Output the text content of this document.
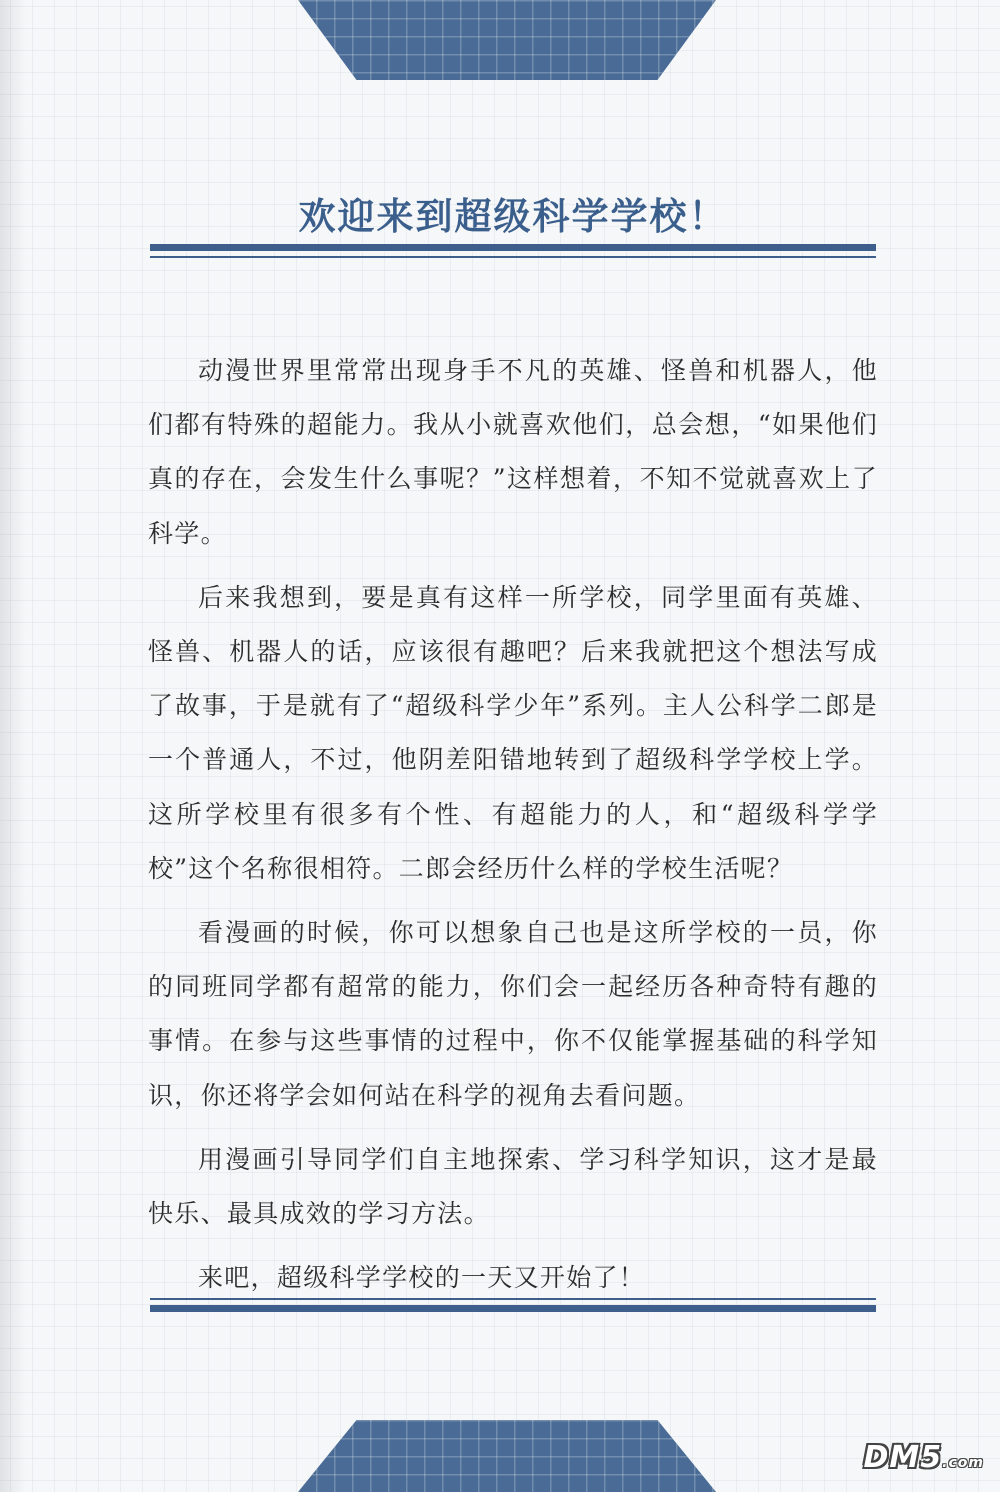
欢迎来到超级科学学校！

动漫世界里常常出现身手不凡的英雄、怪兽和机器人，他们都有特殊的超能力。我从小就喜欢他们，总会想，“如果他们真的存在，会发生什么事呢？”这样想着，不知不觉就喜欢上了科学。

后来我想到，要是真有这样一所学校，同学里面有英雄、怪兽、机器人的话，应该很有趣吧？后来我就把这个想法写成了故事，于是就有了“超级科学少年”系列。主人公科学二郎是一个普通人，不过，他阴差阳错地转到了超级科学学校上学。这所学校里有很多有个性、有超能力的人，和“超级科学学校”这个名称很相符。二郎会经历什么样的学校生活呢？

看漫画的时候，你可以想象自己也是这所学校的一员，你的同班同学都有超常的能力，你们会一起经历各种奇特有趣的事情。在参与这些事情的过程中，你不仅能掌握基础的科学知识，你还将学会如何站在科学的视角去看问题。

用漫画引导同学们自主地探索、学习科学知识，这才是最快乐、最具成效的学习方法。

来吧，超级科学学校的一天又开始了！

DM5.com
